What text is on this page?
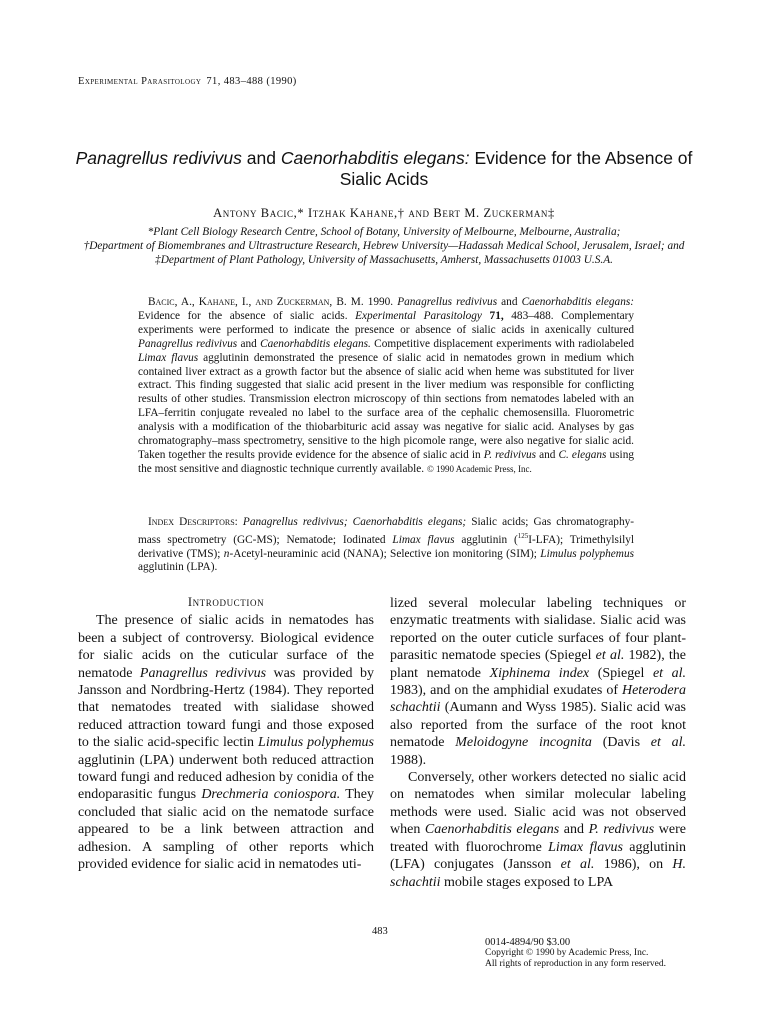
Experimental Parasitology 71, 483–488 (1990)
Panagrellus redivivus and Caenorhabditis elegans: Evidence for the Absence of Sialic Acids
Antony Bacic,* Itzhak Kahane,† and Bert M. Zuckerman‡
*Plant Cell Biology Research Centre, School of Botany, University of Melbourne, Melbourne, Australia;
†Department of Biomembranes and Ultrastructure Research, Hebrew University—Hadassah Medical School, Jerusalem, Israel; and ‡Department of Plant Pathology, University of Massachusetts, Amherst, Massachusetts 01003 U.S.A.

Bacic, A., Kahane, I., and Zuckerman, B. M. 1990. Panagrellus redivivus and Caenorhabditis elegans: Evidence for the absence of sialic acids. Experimental Parasitology 71, 483–488. Complementary experiments were performed to indicate the presence or absence of sialic acids in axenically cultured Panagrellus redivivus and Caenorhabditis elegans. Competitive displacement experiments with radiolabeled Limax flavus agglutinin demonstrated the presence of sialic acid in nematodes grown in medium which contained liver extract as a growth factor but the absence of sialic acid when heme was substituted for liver extract. This finding suggested that sialic acid present in the liver medium was responsible for conflicting results of other studies. Transmission electron microscopy of thin sections from nematodes labeled with an LFA–ferritin conjugate revealed no label to the surface area of the cephalic chemosensilla. Fluorometric analysis with a modification of the thiobarbituric acid assay was negative for sialic acid. Analyses by gas chromatography–mass spectrometry, sensitive to the high picomole range, were also negative for sialic acid. Taken together the results provide evidence for the absence of sialic acid in P. redivivus and C. elegans using the most sensitive and diagnostic technique currently available. © 1990 Academic Press, Inc.

Index Descriptors: Panagrellus redivivus; Caenorhabditis elegans; Sialic acids; Gas chromatography-mass spectrometry (GC-MS); Nematode; Iodinated Limax flavus agglutinin ($^{125}$I-LFA); Trimethylsilyl derivative (TMS); n-Acetyl-neuraminic acid (NANA); Selective ion monitoring (SIM); Limulus polyphemus agglutinin (LPA).

Introduction

The presence of sialic acids in nematodes has been a subject of controversy. Biological evidence for sialic acids on the cuticular surface of the nematode Panagrellus redivivus was provided by Jansson and Nordbring-Hertz (1984). They reported that nematodes treated with sialidase showed reduced attraction toward fungi and those exposed to the sialic acid-specific lectin Limulus polyphemus agglutinin (LPA) underwent both reduced attraction toward fungi and reduced adhesion by conidia of the endoparasitic fungus Drechmeria coniospora. They concluded that sialic acid on the nematode surface appeared to be a link between attraction and adhesion. A sampling of other reports which provided evidence for sialic acid in nematodes uti-

lized several molecular labeling techniques or enzymatic treatments with sialidase. Sialic acid was reported on the outer cuticle surfaces of four plant-parasitic nematode species (Spiegel et al. 1982), the plant nematode Xiphinema index (Spiegel et al. 1983), and on the amphidial exudates of Heterodera schachtii (Aumann and Wyss 1985). Sialic acid was also reported from the surface of the root knot nematode Meloidogyne incognita (Davis et al. 1988).

Conversely, other workers detected no sialic acid on nematodes when similar molecular labeling methods were used. Sialic acid was not observed when Caenorhabditis elegans and P. redivivus were treated with fluorochrome Limax flavus agglutinin (LFA) conjugates (Jansson et al. 1986), on H. schachtii mobile stages exposed to LPA

483
0014-4894/90 $3.00
Copyright © 1990 by Academic Press, Inc.
All rights of reproduction in any form reserved.
